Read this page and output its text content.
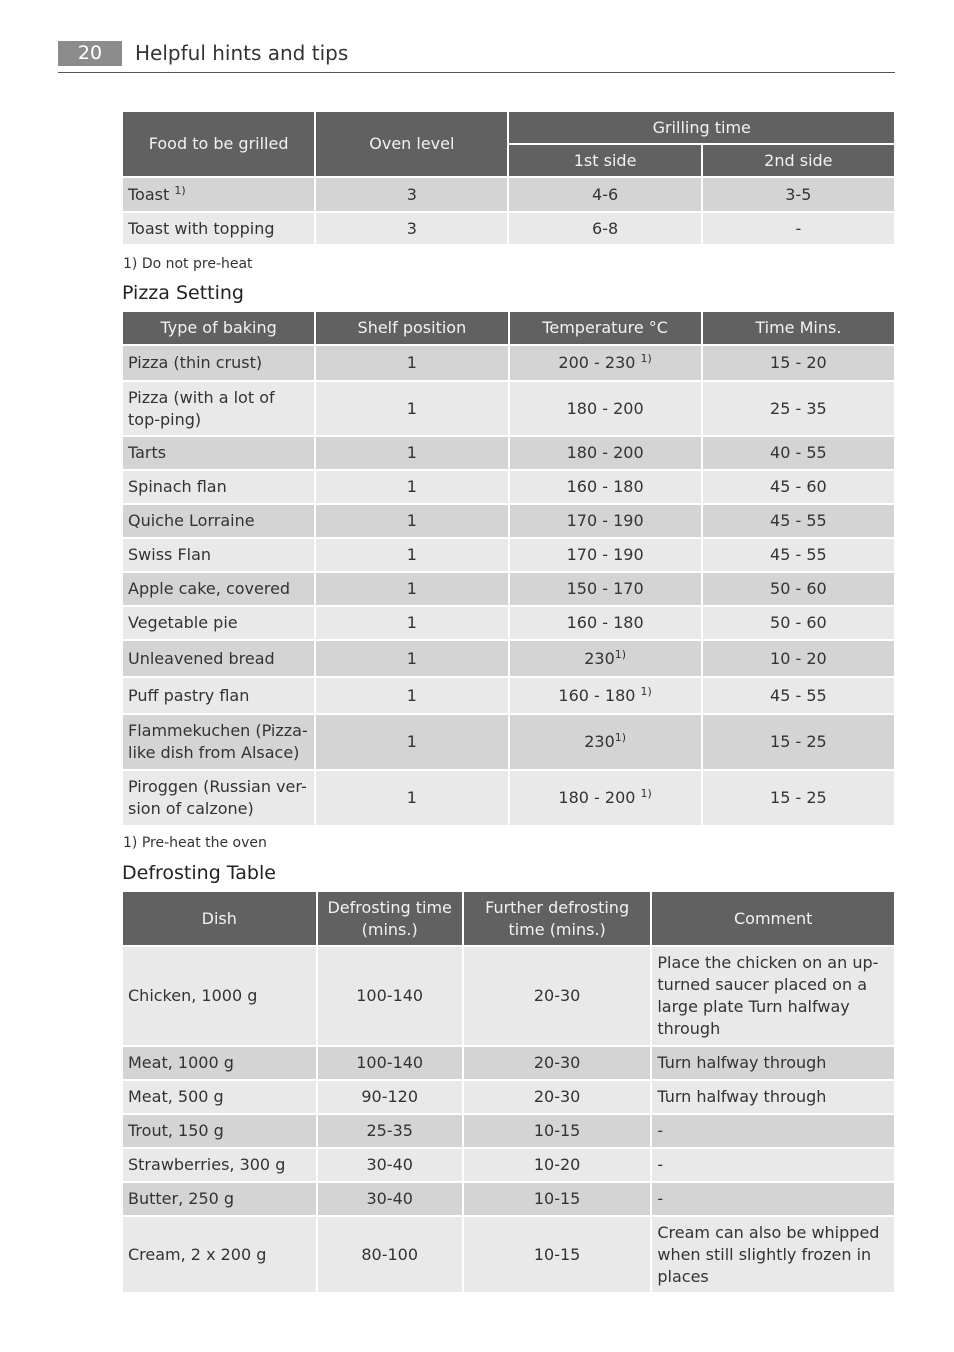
20	Helpful hints and tips
Food to be grilled	Oven level	Grilling time	
		1st side	2nd side
Toast $^{1)}$	3	4-6	3-5
Toast with topping	3	6-8	-
1) Do not pre-heat
Pizza Setting
Type of baking	Shelf position	Temperature °C	Time Mins.
Pizza (thin crust)	1	200 - 230 $^{1)}$	15 - 20
Pizza (with a lot of top-ping)	1	180 - 200	25 - 35
Tarts	1	180 - 200	40 - 55
Spinach flan	1	160 - 180	45 - 60
Quiche Lorraine	1	170 - 190	45 - 55
Swiss Flan	1	170 - 190	45 - 55
Apple cake, covered	1	150 - 170	50 - 60
Vegetable pie	1	160 - 180	50 - 60
Unleavened bread	1	230$^{1)}$	10 - 20
Puff pastry flan	1	160 - 180 $^{1)}$	45 - 55
Flammekuchen (Pizza-like dish from Alsace)	1	230$^{1)}$	15 - 25
Piroggen (Russian ver-sion of calzone)	1	180 - 200 $^{1)}$	15 - 25
1) Pre-heat the oven
Defrosting Table
Dish	Defrosting time (mins.)	Further defrosting time (mins.)	Comment
Chicken, 1000 g	100-140	20-30	Place the chicken on an up-turned saucer placed on a large plate Turn halfway through
Meat, 1000 g	100-140	20-30	Turn halfway through
Meat, 500 g	90-120	20-30	Turn halfway through
Trout, 150 g	25-35	10-15	-
Strawberries, 300 g	30-40	10-20	-
Butter, 250 g	30-40	10-15	-
Cream, 2 x 200 g	80-100	10-15	Cream can also be whipped when still slightly frozen in places
